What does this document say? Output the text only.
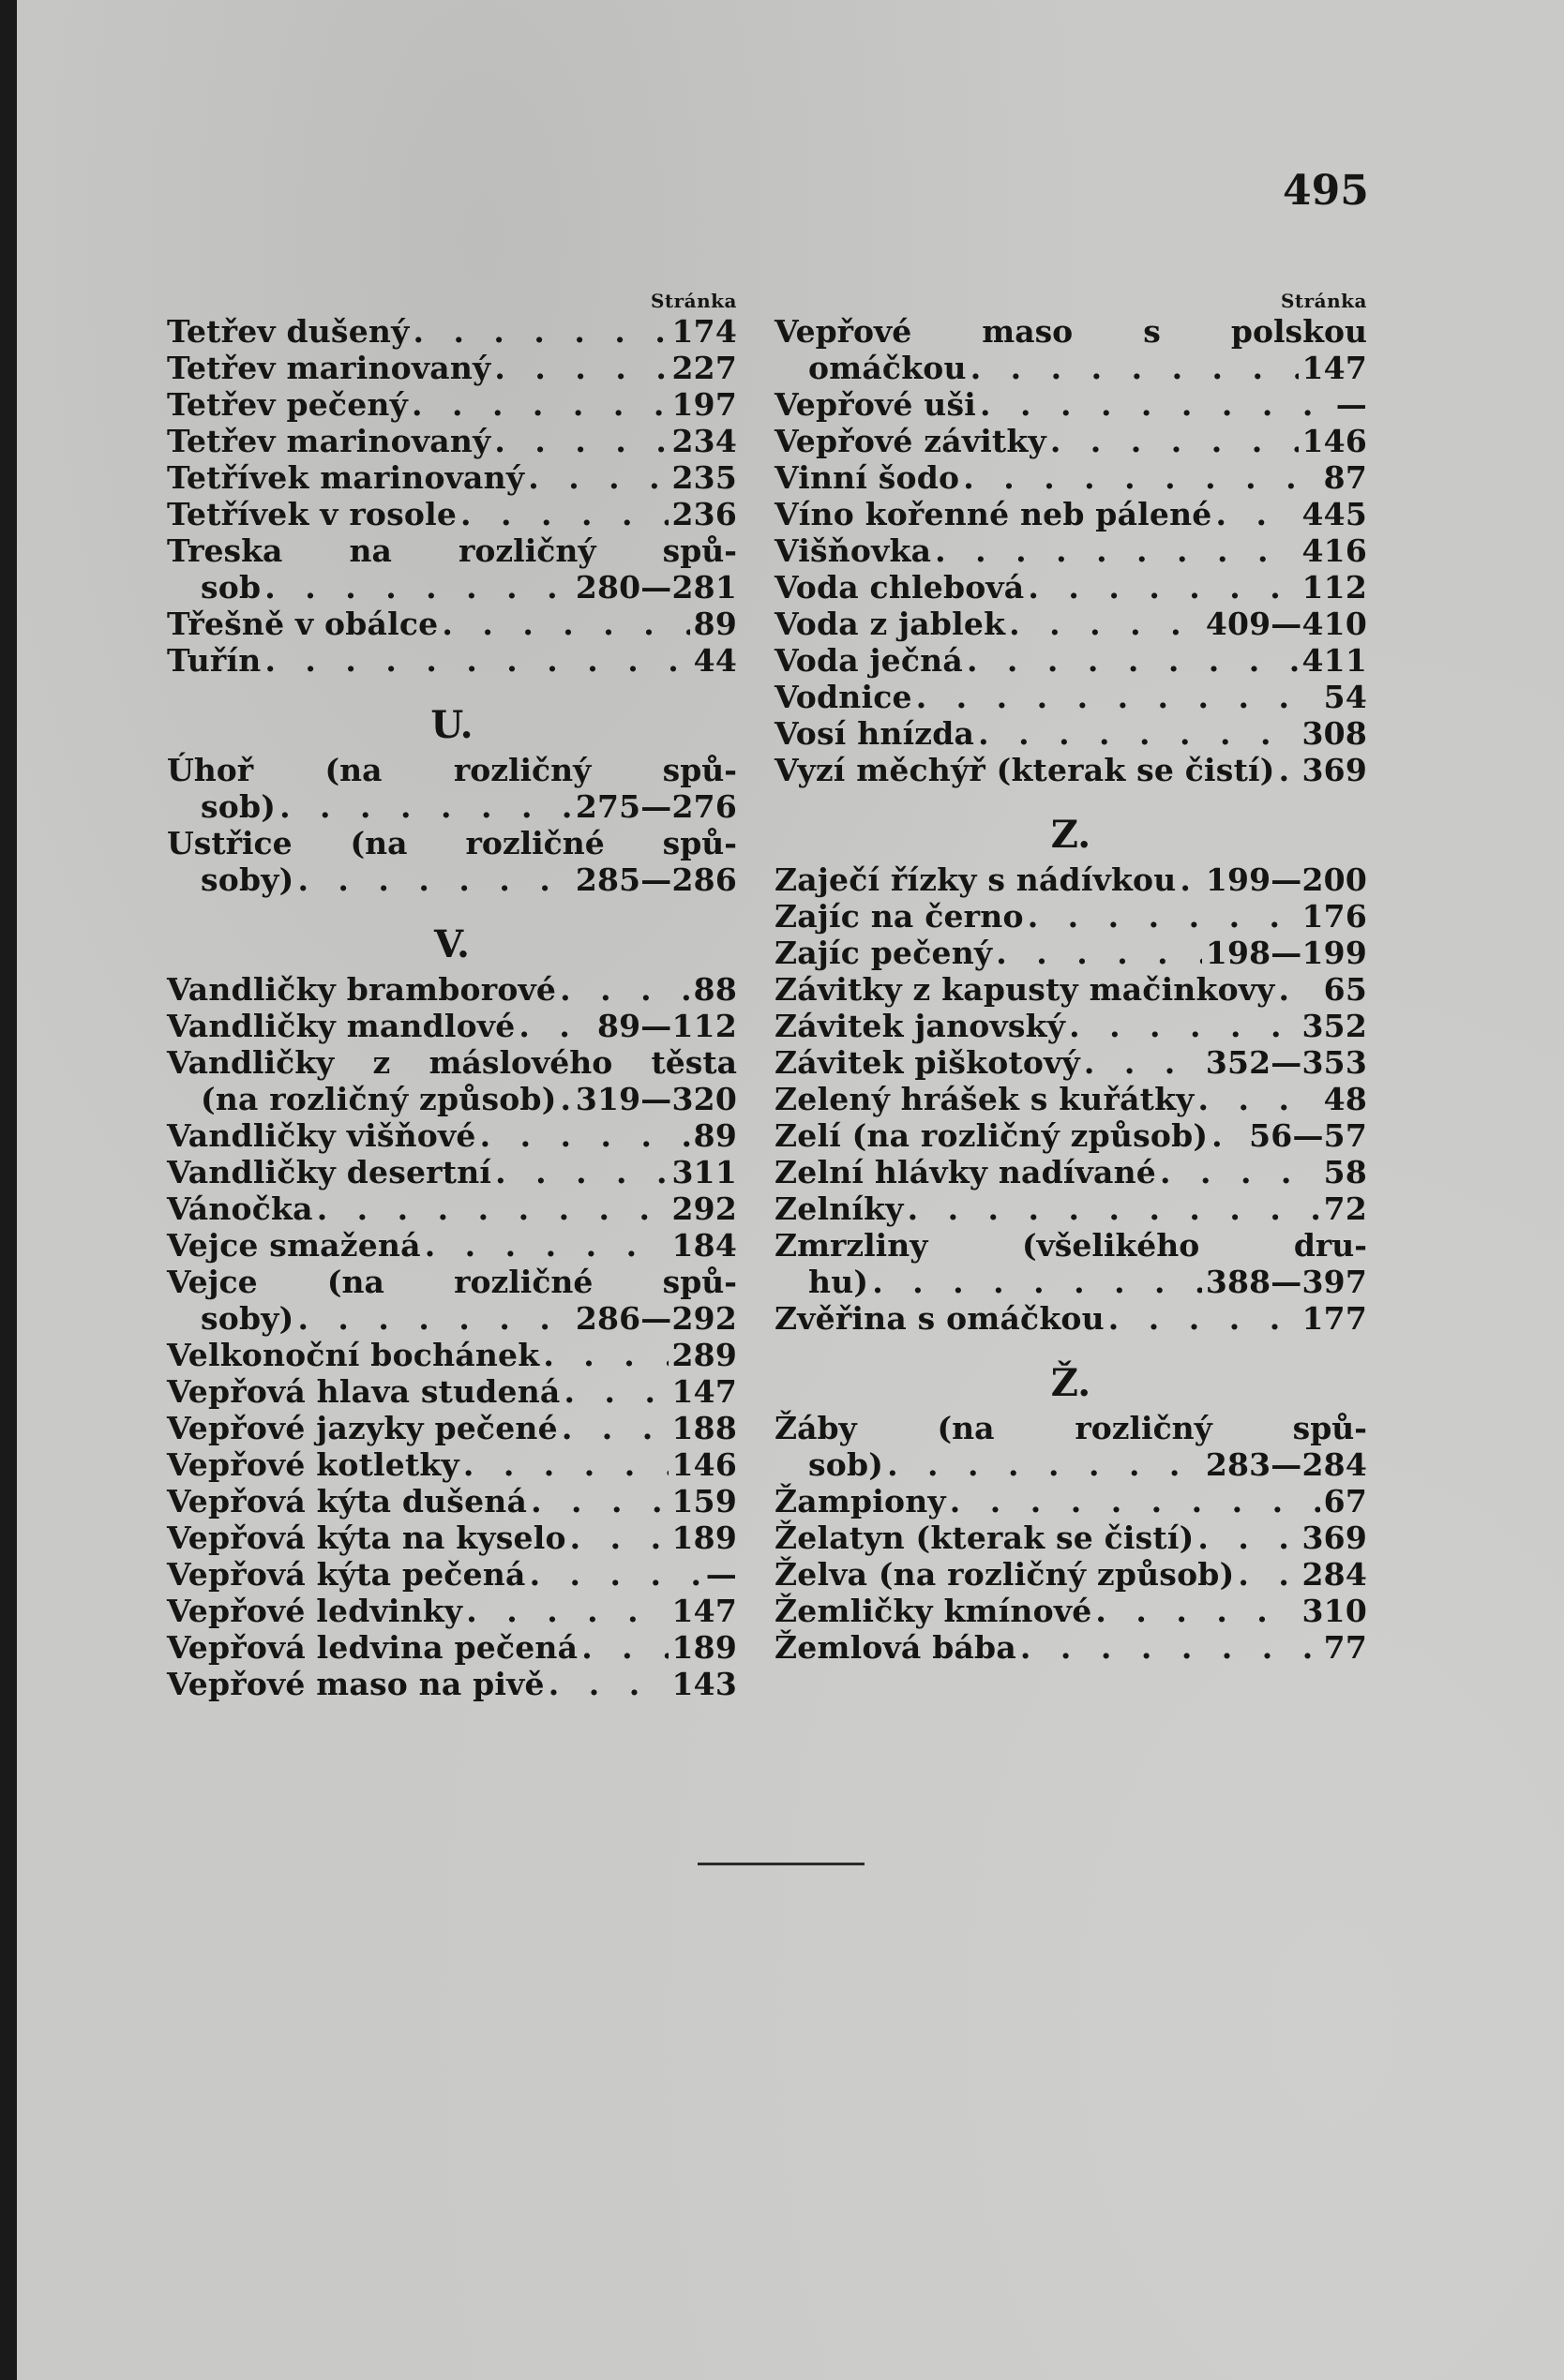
495
Stránka
Tetřev dušený . . .	174
Tetřev marinovaný . . .	227
Tetřev pečený . . .	197
Tetřev marinovaný . . .	234
Tetřívek marinovaný . . .	235
Tetřívek v rosole . . .	236
Treska na rozličný spů-
sob . . .	280—281
Třešně v obálce . . .	89
Tuřín . . .	44
U.
Úhoř (na rozličný spů-
sob) . . .	275—276
Ustřice (na rozličné spů-
soby) . . .	285—286
V.
Vandličky bramborové . . .	88
Vandličky mandlové . . .	89—112
Vandličky z máslového těsta
(na rozličný způsob) . . . 319—320
Vandličky višňové . . .	89
Vandličky desertní . . .	311
Vánočka . . .	292
Vejce smažená . . .	184
Vejce (na rozličné spů-
soby) . . .	286—292
Velkonoční bochánek . . .	289
Vepřová hlava studená . . .	147
Vepřové jazyky pečené . . .	188
Vepřové kotletky . . .	146
Vepřová kýta dušená . . .	159
Vepřová kýta na kyselo . . .	189
Vepřová kýta pečená . . .	—
Vepřové ledvinky . . .	147
Vepřová ledvina pečená . . .	189
Vepřové maso na pivě . . .	143
Stránka
Vepřové maso s polskou
omáčkou . . .	147
Vepřové uši . . .	—
Vepřové závitky . . .	146
Vinní šodo . . .	87
Víno kořenné neb pálené . . .	445
Višňovka . . .	416
Voda chlebová . . .	112
Voda z jablek . . .	409—410
Voda ječná . . .	411
Vodnice . . .	54
Vosí hnízda . . .	308
Vyzí měchýř (kterak se čistí) . . . 369
Z.
Zaječí řízky s nádívkou . . . 199—200
Zajíc na černo . . .	176
Zajíc pečený . . .	198—199
Závitky z kapusty mačinkovy . . . 65
Závitek janovský . . .	352
Závitek piškotový . . .	352—353
Zelený hrášek s kuřátky . . .	48
Zelí (na rozličný způsob) . . . 56—57
Zelní hlávky nadívané . . .	58
Zelníky . . .	72
Zmrzliny (všelikého dru-
hu) . . .	388—397
Zvěřina s omáčkou . . .	177
Ž.
Žáby (na rozličný spů-
sob) . . .	283—284
Žampiony . . .	67
Želatyn (kterak se čistí) . . .	369
Želva (na rozličný způsob) . . . 284
Žemličky kmínové . . .	310
Žemlová bába . . .	77
